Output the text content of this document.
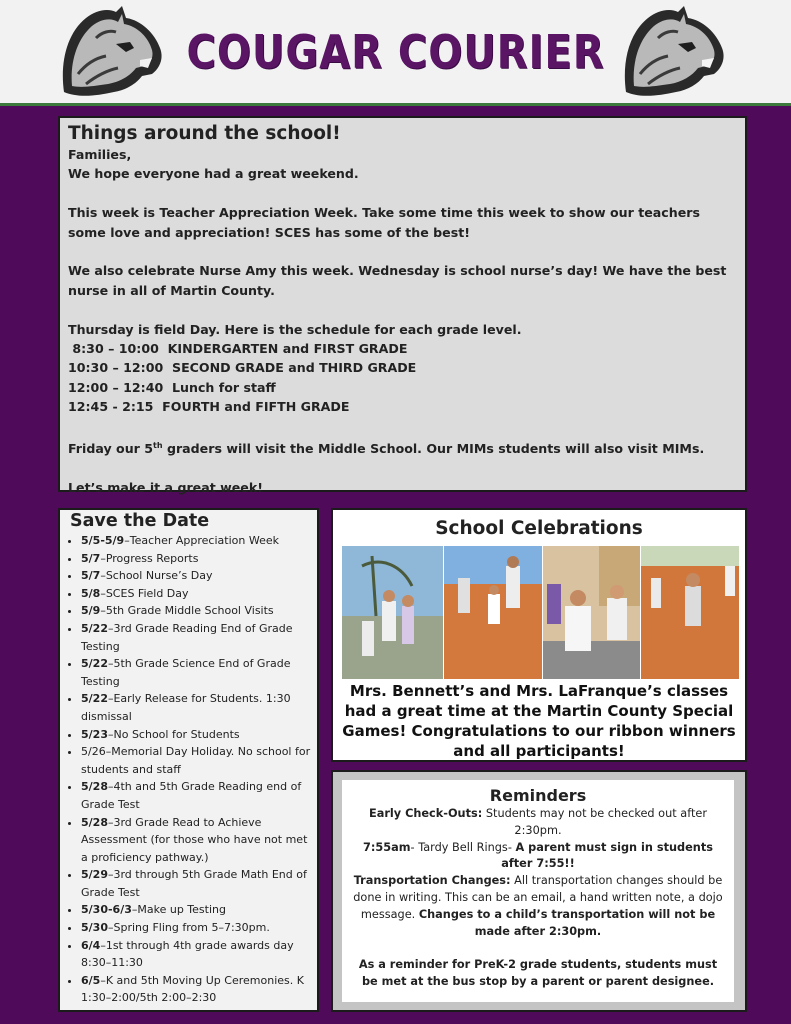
COUGAR COURIER
Things around the school!

Families,

We hope everyone had a great weekend.

This week is Teacher Appreciation Week. Take some time this week to show our teachers some love and appreciation! SCES has some of the best!

We also celebrate Nurse Amy this week. Wednesday is school nurse’s day! We have the best nurse in all of Martin County.

Thursday is field Day. Here is the schedule for each grade level.

8:30 – 10:00  KINDERGARTEN and FIRST GRADE

10:30 – 12:00  SECOND GRADE and THIRD GRADE

12:00 – 12:40  Lunch for staff

12:45 - 2:15  FOURTH and FIFTH GRADE

Friday our 5th graders will visit the Middle School. Our MIMs students will also visit MIMs.

Let’s make it a great week!

Save the Date
• 5/5-5/9–Teacher Appreciation Week
• 5/7–Progress Reports
• 5/7–School Nurse’s Day
• 5/8–SCES Field Day
• 5/9–5th Grade Middle School Visits
• 5/22–3rd Grade Reading End of Grade Testing
• 5/22–5th Grade Science End of Grade Testing
• 5/22–Early Release for Students. 1:30 dismissal
• 5/23–No School for Students
• 5/26–Memorial Day Holiday. No school for students and staff
• 5/28–4th and 5th Grade Reading end of Grade Test
• 5/28–3rd Grade Read to Achieve Assessment (for those who have not met a proficiency pathway.)
• 5/29–3rd through 5th Grade Math End of Grade Test
• 5/30-6/3–Make up Testing
• 5/30–Spring Fling from 5–7:30pm.
• 6/4–1st through 4th grade awards day 8:30–11:30
• 6/5–K and 5th Moving Up Ceremonies. K 1:30–2:00/5th 2:00–2:30
School Celebrations
Mrs. Bennett’s and Mrs. LaFranque’s classes had a great time at the Martin County Special Games! Congratulations to our ribbon winners and all participants!
Reminders

Early Check-Outs: Students may not be checked out after 2:30pm.

7:55am- Tardy Bell Rings- A parent must sign in students after 7:55!!

Transportation Changes: All transportation changes should be done in writing. This can be an email, a hand written note, a dojo message. Changes to a child’s transportation will not be made after 2:30pm.

As a reminder for PreK-2 grade students, students must be met at the bus stop by a parent or parent designee.
